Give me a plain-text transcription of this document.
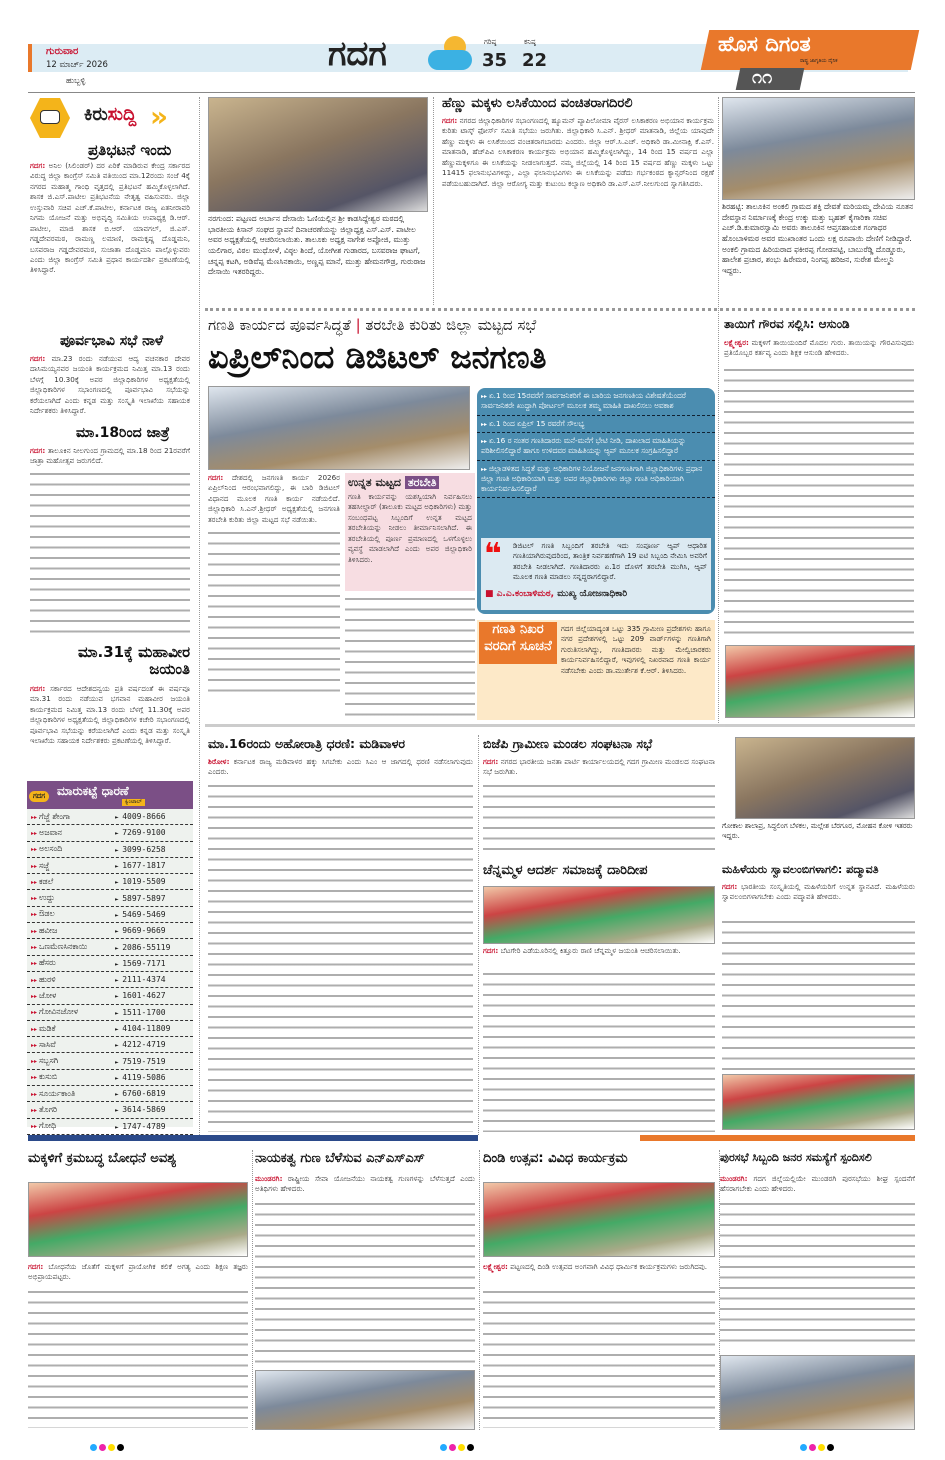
ಗುರುವಾರ
12 ಮಾರ್ಚ್ 2026
ಹುಬ್ಬಳ್ಳಿ
ಗದಗ	ಗರಿಷ್ಠ
35
ಕನಿಷ್ಠ
22
ಹೊಸ ದಿಗಂತ
ರಾಷ್ಟ್ರ ಜಾಗೃತಿಯ ದೈನಿಕ
೧೧
ಕಿರುಸುದ್ದಿ »
ಪ್ರತಿಭಟನೆ ಇಂದು
ಗದಗ: ಅನಿಲ (ಸಿಲಿಂಡರ್) ದರ ಏರಿಕೆ ಮಾಡಿರುವ ಕೇಂದ್ರ ಸರ್ಕಾರದ ವಿರುದ್ಧ ಜಿಲ್ಲಾ ಕಾಂಗ್ರೆಸ್ ಸಮಿತಿ ವತಿಯಿಂದ ಮಾ.12ರಂದು ಸಂಜೆ 4ಕ್ಕೆ ನಗರದ ಮಹಾತ್ಮ ಗಾಂಧಿ ವೃತ್ತದಲ್ಲಿ ಪ್ರತಿಭಟನೆ ಹಮ್ಮಿಕೊಳ್ಳಲಾಗಿದೆ. ಶಾಸಕ ಜಿ.ಎಸ್.ಪಾಟೀಲ ಪ್ರತಿಭಟನೆಯ ನೇತೃತ್ವ ವಹಿಸುವರು. ಜಿಲ್ಲಾ ಉಸ್ತುವಾರಿ ಸಚಿವ ಎಚ್.ಕೆ.ಪಾಟೀಲ, ಕರ್ನಾಟಕ ರಾಜ್ಯ ಏತನೀರಾವರಿ ನಿಗಮ ಯೋಜನೆ ಮತ್ತು ಅಭಿವೃದ್ಧಿ ಸಮಿತಿಯ ಉಪಾಧ್ಯಕ್ಷ ಡಿ.ಆರ್. ಪಾಟೀಲ, ಮಾಜಿ ಶಾಸಕ ಬಿ.ಆರ್. ಯಾವಗಲ್, ಜಿ.ಎಸ್. ಗಡ್ಡದೇವರಮಠ, ರಾಮಣ್ಣ ಲಮಾಣಿ, ರಾಮಕೃಷ್ಣ ದೊಡ್ಡಮನಿ, ಬಸವರಾಜ ಗಡ್ಡದೇವರಮಠ, ಸುಜಾತಾ ದೊಡ್ಡಮನಿ ಪಾಲ್ಗೊಳ್ಳುವರು ಎಂದು ಜಿಲ್ಲಾ ಕಾಂಗ್ರೆಸ್ ಸಮಿತಿ ಪ್ರಧಾನ ಕಾರ್ಯದರ್ಶಿ ಪ್ರಕಟಣೆಯಲ್ಲಿ ತಿಳಿಸಿದ್ದಾರೆ.
ಪೂರ್ವಭಾವಿ ಸಭೆ ನಾಳೆ
ಗದಗ: ಮಾ.23 ರಂದು ನಡೆಯುವ ಆದ್ಯ ವಚನಕಾರ ದೇವರ ದಾಸಿಮಯ್ಯನವರ ಜಯಂತಿ ಕಾರ್ಯಕ್ರಮದ ನಿಮಿತ್ತ ಮಾ.13 ರಂದು ಬೆಳಗ್ಗೆ 10.30ಕ್ಕೆ ಅಪರ ಜಿಲ್ಲಾಧಿಕಾರಿಗಳ ಅಧ್ಯಕ್ಷತೆಯಲ್ಲಿ ಜಿಲ್ಲಾಧಿಕಾರಿಗಳ ಸಭಾಂಗಣದಲ್ಲಿ ಪೂರ್ವಭಾವಿ ಸಭೆಯನ್ನು ಕರೆಯಲಾಗಿದೆ ಎಂದು ಕನ್ನಡ ಮತ್ತು ಸಂಸ್ಕೃತಿ ಇಲಾಖೆಯ ಸಹಾಯಕ ನಿರ್ದೇಶಕರು ತಿಳಿಸಿದ್ದಾರೆ.
ಮಾ.18ರಿಂದ ಜಾತ್ರೆ
ಗದಗ: ತಾಲೂಕಿನ ನೀಲಗುಂದ ಗ್ರಾಮದಲ್ಲಿ ಮಾ.18 ರಿಂದ 21ರವರೆಗೆ ಜಾತ್ರಾ ಮಹೋತ್ಸವ ಜರುಗಲಿದೆ.
ಮಾ.31ಕ್ಕೆ ಮಹಾವೀರ ಜಯಂತಿ
ಗದಗ: ಸರ್ಕಾರದ ಆದೇಶದನ್ವಯ ಪ್ರತಿ ವರ್ಷದಂತೆ ಈ ವರ್ಷವೂ ಮಾ.31 ರಂದು ನಡೆಯುವ ಭಗವಾನ ಮಹಾವೀರ ಜಯಂತಿ ಕಾರ್ಯಕ್ರಮದ ನಿಮಿತ್ತ ಮಾ.13 ರಂದು ಬೆಳಗ್ಗೆ 11.30ಕ್ಕೆ ಅಪರ ಜಿಲ್ಲಾಧಿಕಾರಿಗಳ ಅಧ್ಯಕ್ಷತೆಯಲ್ಲಿ ಜಿಲ್ಲಾಧಿಕಾರಿಗಳ ಕಚೇರಿ ಸಭಾಂಗಣದಲ್ಲಿ ಪೂರ್ವಭಾವಿ ಸಭೆಯನ್ನು ಕರೆಯಲಾಗಿದೆ ಎಂದು ಕನ್ನಡ ಮತ್ತು ಸಂಸ್ಕೃತಿ ಇಲಾಖೆಯ ಸಹಾಯಕ ನಿರ್ದೇಶಕರು ಪ್ರಕಟಣೆಯಲ್ಲಿ ತಿಳಿಸಿದ್ದಾರೆ.
ಗದಗ ಮಾರುಕಟ್ಟೆ ಧಾರಣೆ
ಕ್ವಿಂಟಾಲ್
▸▸ ಗೆಜ್ಜೆ ಶೇಂಗಾ	► 4009-8666
▸▸ ಅಜವಾನ	► 7269-9100
▸▸ ಅಲಸಂದಿ	► 3099-6258
▸▸ ಸಜ್ಜೆ	► 1677-1817
▸▸ ಕಡಲೆ	► 1019-5509
▸▸ ಉದ್ದು	► 5897-5897
▸▸ ಔಡಲ	► 5469-5469
▸▸ ಹವೀಜ	► 9669-9669
▸▸ ಒಣಮೆಣಸಿನಕಾಯಿ	► 2086-55119
▸▸ ಹೆಸರು	► 1569-7171
▸▸ ಹುರಳಿ	► 2111-4374
▸▸ ಜೋಳ	► 1601-4627
▸▸ ಗೋವಿನಜೋಳ	► 1511-1700
▸▸ ಮಡಿಕೆ	► 4104-11809
▸▸ ಸಾಸಿವೆ	► 4212-4719
▸▸ ಸಬ್ಬಸಗಿ	► 7519-7519
▸▸ ಕುಸುಬಿ	► 4119-5086
▸▸ ಸೂರ್ಯಕಾಂತಿ	► 6760-6819
▸▸ ತೊಗರಿ	► 3614-5869
▸▸ ಗೋಧಿ	► 1747-4789
ನರಗುಂದ: ಪಟ್ಟಣದ ಅರ್ಬಾನ ದೇಸಾಯಿ ಓಣಿಯಲ್ಲಿನ ಶ್ರೀ ಕಾಡಸಿದ್ದೇಶ್ವರ ಮಠದಲ್ಲಿ ಭಾರತೀಯ ಕಿಸಾನ್ ಸಂಘದ ಸ್ಥಾಪನೆ ದಿನಾಚರಣೆಯನ್ನು ಜಿಲ್ಲಾಧ್ಯಕ್ಷ ಎಸ್.ಎಸ್. ಪಾಟೀಲ ಅವರ ಅಧ್ಯಕ್ಷತೆಯಲ್ಲಿ ಆಚರಿಸಲಾಯಿತು. ತಾಲೂಕು ಅಧ್ಯಕ್ಷ ನಾಗೇಶ ಅಪ್ಪೋಜಿ, ಮುತ್ತು ಯಲಿಗಾರ, ವಿಠಲ ಮುಧೋಳೆ, ವಿಠ್ಠಲ ಶಿಂದೆ, ಯೋಗೀಶ ಗುಡಾರದ, ಬಸವರಾಜ ಘಾಟಗೆ, ಚನ್ನಪ್ಪ ಕಟಗಿ, ಅಡಿವೆಪ್ಪ ಮೆಣಸಿನಕಾಯಿ, ಅಣ್ಣಪ್ಪ ಮಾನೆ, ಮುತ್ತು ಹೇಮನಗೌಡ್ರ, ಗುರುರಾಜ ದೇಸಾಯಿ ಇತರರಿದ್ದರು.
ಹೆಣ್ಣು ಮಕ್ಕಳು ಲಸಿಕೆಯಿಂದ ವಂಚಿತರಾಗದಿರಲಿ
ಗದಗ: ನಗರದ ಜಿಲ್ಲಾಧಿಕಾರಿಗಳ ಸಭಾಂಗಣದಲ್ಲಿ ಹ್ಯೂಮನ್ ಪ್ಯಾಪಿಲೋಮಾ ವೈರಸ್ ಲಸಿಕಾಕರಣ ಅಭಿಯಾನ ಕಾರ್ಯಕ್ರಮ ಕುರಿತು ಟಾಸ್ಕ್ ಫೋರ್ಸ್ ಸಮಿತಿ ಸಭೆಯು ಜರುಗಿತು. ಜಿಲ್ಲಾಧಿಕಾರಿ ಸಿ.ಎನ್. ಶ್ರೀಧರ್ ಮಾತನಾಡಿ, ಜಿಲ್ಲೆಯ ಯಾವುದೇ ಹೆಣ್ಣು ಮಕ್ಕಳು ಈ ಲಸಿಕೆಯಿಂದ ವಂಚಿತರಾಗಬಾರದು ಎಂದರು. ಜಿಲ್ಲಾ ಆರ್.ಸಿ.ಎಚ್. ಅಧಿಕಾರಿ ಡಾ.ಮೀನಾಕ್ಷಿ ಕೆ.ಎಸ್. ಮಾತನಾಡಿ, ಹೆಚ್‌ಪಿವಿ ಲಸಿಕಾಕರಣ ಕಾರ್ಯಕ್ರಮ ಅಭಿಯಾನ ಹಮ್ಮಿಕೊಳ್ಳಲಾಗಿದ್ದು, 14 ರಿಂದ 15 ವರ್ಷದ ಎಲ್ಲಾ ಹೆಣ್ಣುಮಕ್ಕಳಿಗೂ ಈ ಲಸಿಕೆಯನ್ನು ನೀಡಲಾಗುತ್ತದೆ. ನಮ್ಮ ಜಿಲ್ಲೆಯಲ್ಲಿ 14 ರಿಂದ 15 ವರ್ಷದ ಹೆಣ್ಣು ಮಕ್ಕಳು ಒಟ್ಟು 11415 ಫಲಾನುಭವಿಗಳಿದ್ದು, ಎಲ್ಲಾ ಫಲಾನುಭವಿಗಳು ಈ ಲಸಿಕೆಯನ್ನು ಪಡೆದು ಗರ್ಭಕಂಠದ ಕ್ಯಾನ್ಸರ್‌ನಿಂದ ರಕ್ಷಣೆ ಪಡೆಯಬಹುದಾಗಿದೆ. ಜಿಲ್ಲಾ ಆರೋಗ್ಯ ಮತ್ತು ಕುಟುಂಬ ಕಲ್ಯಾಣ ಅಧಿಕಾರಿ ಡಾ.ಎಸ್.ಎಸ್.ನೀಲಗುಂದ ಸ್ವಾಗತಿಸಿದರು.
ಶಿರಹಟ್ಟಿ: ತಾಲೂಕಿನ ಅಂಕಲಿ ಗ್ರಾಮದ ಶಕ್ತಿ ದೇವತೆ ಮರಿಯಮ್ಮ ದೇವಿಯ ನೂತನ ದೇವಸ್ಥಾನ ನಿರ್ಮಾಣಕ್ಕೆ ಕೇಂದ್ರ ಉಕ್ಕು ಮತ್ತು ಬೃಹತ್ ಕೈಗಾರಿಕಾ ಸಚಿವ ಎಚ್.ಡಿ.ಕುಮಾರಸ್ವಾಮಿ ಅವರು ತಾಲೂಕಿನ ಆಪ್ತಸಹಾಯಕ ಗಂಗಾಧರ ಹೊಂಬಾಳಿಮಠ ಅವರ ಮುಖಾಂತರ ಒಂದು ಲಕ್ಷ ರೂಪಾಯಿ ದೇಣಿಗೆ ನೀಡಿದ್ದಾರೆ. ಅಂಕಲಿ ಗ್ರಾಮದ ಹಿರಿಯರಾದ ಫಕೀರಪ್ಪ ಗೋಡಪಟ್ಟಿ, ಬಾಬುರೆಡ್ಡಿ ದೊಡ್ಡೂರು, ಹಾಲೇಶ ಪ್ರಚಾರ, ಶಂಭು ಹಿರೇಮಠ, ನಿಂಗಪ್ಪ ಹರಿಜನ, ಸುರೇಶ ಮೇಲ್ಮನಿ ಇದ್ದರು.
ಗಣತಿ ಕಾರ್ಯದ ಪೂರ್ವಸಿದ್ಧತೆ | ತರಬೇತಿ ಕುರಿತು ಜಿಲ್ಲಾ ಮಟ್ಟದ ಸಭೆ
ಏಪ್ರಿಲ್‌ನಿಂದ ಡಿಜಿಟಲ್ ಜನಗಣತಿ
ಗದಗ: ದೇಶದಲ್ಲಿ ಜನಗಣತಿ ಕಾರ್ಯ 2026ರ ಏಪ್ರಿಲ್‌ನಿಂದ ಆರಂಭವಾಗಲಿದ್ದು, ಈ ಬಾರಿ ಡಿಜಿಟಲ್ ವಿಧಾನದ ಮೂಲಕ ಗಣತಿ ಕಾರ್ಯ ನಡೆಯಲಿದೆ. ಜಿಲ್ಲಾಧಿಕಾರಿ ಸಿ.ಎನ್.ಶ್ರೀಧರ್ ಅಧ್ಯಕ್ಷತೆಯಲ್ಲಿ ಜನಗಣತಿ ತರಬೇತಿ ಕುರಿತು ಜಿಲ್ಲಾ ಮಟ್ಟದ ಸಭೆ ನಡೆಯಿತು.
ಉನ್ನತ ಮಟ್ಟದ ತರಬೇತಿ
ಗಣತಿ ಕಾರ್ಯವನ್ನು ಯಶಸ್ವಿಯಾಗಿ ನಿರ್ವಹಿಸಲು ತಹಸೀಲ್ದಾರ್ (ತಾಲೂಕು ಮಟ್ಟದ ಅಧಿಕಾರಿಗಳು) ಮತ್ತು ಸಂಬಂಧಪಟ್ಟ ಸಿಬ್ಬಂದಿಗೆ ಉನ್ನತ ಮಟ್ಟದ ತರಬೇತಿಯನ್ನು ನೀಡಲು ತೀರ್ಮಾನಿಸಲಾಗಿದೆ. ಈ ತರಬೇತಿಯಲ್ಲಿ ಪೂರ್ಣ ಪ್ರಮಾಣದಲ್ಲಿ ಒಳಗೊಳ್ಳಲು ವ್ಯವಸ್ಥೆ ಮಾಡಲಾಗಿದೆ ಎಂದು ಅಪರ ಜಿಲ್ಲಾಧಿಕಾರಿ ತಿಳಿಸಿದರು.
▸▸ ಏ.1 ರಿಂದ 15ರವರೆಗೆ ಸಾರ್ವಜನಿಕರಿಗೆ ಈ ಬಾರಿಯ ಜನಗಣತಿಯ ವಿಶೇಷತೆಯೆಂದರೆ ಸಾರ್ವಜನಿಕರೇ ಖುದ್ದಾಗಿ ಪೋರ್ಟಲ್ ಮೂಲಕ ತಮ್ಮ ಮಾಹಿತಿ ದಾಖಲಿಸಲು ಅವಕಾಶ
▸▸ ಏ.1 ರಿಂದ ಏಪ್ರಿಲ್ 15 ರವರೆಗೆ ಸೌಲಭ್ಯ
▸▸ ಏ.16 ರ ನಂತರ ಗಣತಿದಾರರು ಮನೆ-ಮನೆಗೆ ಭೇಟಿ ನೀಡಿ, ದಾಖಲಾದ ಮಾಹಿತಿಯನ್ನು ಪರಿಶೀಲಿಸಲಿದ್ದಾರೆ ಹಾಗೂ ಉಳಿದವರ ಮಾಹಿತಿಯನ್ನು ಆ್ಯಪ್ ಮೂಲಕ ಸಂಗ್ರಹಿಸಲಿದ್ದಾರೆ
▸▸ ಜಿಲ್ಲಾಡಳಿತದ ಸಿದ್ಧತೆ ಮತ್ತು ಅಧಿಕಾರಿಗಳ ನಿಯೋಜನೆ ಜನಗಣತಿಗಾಗಿ ಜಿಲ್ಲಾಧಿಕಾರಿಗಳು ಪ್ರಧಾನ ಜಿಲ್ಲಾ ಗಣತಿ ಅಧಿಕಾರಿಯಾಗಿ ಮತ್ತು ಅಪರ ಜಿಲ್ಲಾಧಿಕಾರಿಗಳು ಜಿಲ್ಲಾ ಗಣತಿ ಅಧಿಕಾರಿಯಾಗಿ ಕಾರ್ಯನಿರ್ವಹಿಸಲಿದ್ದಾರೆ
❝	ಡಿಜಿಟಲ್ ಗಣತಿ ಸಿಬ್ಬಂದಿಗೆ ತರಬೇತಿ ಇದು ಸಂಪೂರ್ಣ ಆ್ಯಪ್ ಆಧಾರಿತ ಗಣತಿಯಾಗಿರುವುದರಿಂದ, ತಾಂತ್ರಿಕ ನಿರ್ವಹಣೆಗಾಗಿ 19 ಐಟಿ ಸಿಬ್ಬಂದಿ ನೇಮಿಸಿ ಅವರಿಗೆ ತರಬೇತಿ ನೀಡಲಾಗಿದೆ. ಗಣತಿದಾರರು ಏ.1ರ ದೊಳಗೆ ತರಬೇತಿ ಮುಗಿಸಿ, ಆ್ಯಪ್ ಮೂಲಕ ಗಣತಿ ಮಾಡಲು ಸನ್ನದ್ಧರಾಗಲಿದ್ದಾರೆ.
■ ಎ.ಎ.ಕಂಬಾಳಿಮಠ, ಮುಖ್ಯ ಯೋಜನಾಧಿಕಾರಿ
ಗಣತಿ ನಿಖರ ವರದಿಗೆ ಸೂಚನೆ
ಗದಗ ಜಿಲ್ಲೆಯಾದ್ಯಂತ ಒಟ್ಟು 335 ಗ್ರಾಮೀಣ ಪ್ರದೇಶಗಳು ಹಾಗೂ ನಗರ ಪ್ರದೇಶಗಳಲ್ಲಿ ಒಟ್ಟು 209 ವಾರ್ಡ್‌ಗಳನ್ನು ಗಣತಿಗಾಗಿ ಗುರುತಿಸಲಾಗಿದ್ದು, ಗಣತಿದಾರರು ಮತ್ತು ಮೇಲ್ವಿಚಾರಕರು ಕಾರ್ಯನಿರ್ವಹಿಸಲಿದ್ದಾರೆ, ಇವುಗಳಲ್ಲಿ ನಿಖರವಾದ ಗಣತಿ ಕಾರ್ಯ ನಡೆಸಬೇಕು ಎಂದು ಡಾ.ಮುರ್ತೇಶ ಕೆ.ಆರ್. ತಿಳಿಸಿದರು.
ತಾಯಿಗೆ ಗೌರವ ಸಲ್ಲಿಸಿ: ಆಸುಂಡಿ
ಲಕ್ಷ್ಮೇಶ್ವರ: ಮಕ್ಕಳಿಗೆ ತಾಯಿಯಂದಿರೆ ಮೊದಲ ಗುರು. ತಾಯಿಯನ್ನು ಗೌರವಿಸುವುದು ಪ್ರತಿಯೊಬ್ಬರ ಕರ್ತವ್ಯ ಎಂದು ಶಿಕ್ಷಕ ಆಸುಂಡಿ ಹೇಳಿದರು.
ಮಾ.16ರಂದು ಅಹೋರಾತ್ರಿ ಧರಣಿ: ಮಡಿವಾಳರ
ಶಿರೋಳ: ಕರ್ನಾಟಕ ರಾಜ್ಯ ಮಡಿವಾಳರ ಹಕ್ಕು ಸಿಗಬೇಕು ಎಂದು ಸಿಎಂ ಆ ಜಾಗದಲ್ಲಿ ಧರಣಿ ನಡೆಸಲಾಗುವುದು ಎಂದರು.
ಬಿಜೆಪಿ ಗ್ರಾಮೀಣ ಮಂಡಲ ಸಂಘಟನಾ ಸಭೆ
ಗದಗ: ನಗರದ ಭಾರತೀಯ ಜನತಾ ಪಾರ್ಟಿ ಕಾರ್ಯಾಲಯದಲ್ಲಿ ಗದಗ ಗ್ರಾಮೀಣ ಮಂಡಲದ ಸಂಘಟನಾ ಸಭೆ ಜರುಗಿತು.
ಚೆನ್ನಮ್ಮಳ ಆದರ್ಶ ಸಮಾಜಕ್ಕೆ ದಾರಿದೀಪ
ಗದಗ: ಬೆಟಗೇರಿ ಎಡೆಯೂರಿನಲ್ಲಿ ಕಿತ್ತೂರು ರಾಣಿ ಚೆನ್ನಮ್ಮಳ ಜಯಂತಿ ಆಚರಿಸಲಾಯಿತು.
ಗೋಕಾಲ ಶಾಲಾಪ್ರ, ಸಿದ್ಧಲಿಂಗ ಬೆಳಕಲ, ಮಲ್ಲೇಶ ಬೆರಗೂರ, ಮೋಹನ ಕೋಳಿ ಇತರರು ಇದ್ದರು.
ಮಹಿಳೆಯರು ಸ್ವಾವಲಂಬಿಗಳಾಗಲಿ: ಪದ್ಮಾವತಿ
ಗದಗ: ಭಾರತೀಯ ಸಂಸ್ಕೃತಿಯಲ್ಲಿ ಮಹಿಳೆಯರಿಗೆ ಉನ್ನತ ಸ್ಥಾನವಿದೆ. ಮಹಿಳೆಯರು ಸ್ವಾವಲಂಬಿಗಳಾಗಬೇಕು ಎಂದು ಪದ್ಮಾವತಿ ಹೇಳಿದರು.
ಮಕ್ಕಳಿಗೆ ಕ್ರಮಬದ್ಧ ಬೋಧನೆ ಅವಶ್ಯ
ಗದಗ: ಬೋಧನೆಯ ಜೊತೆಗೆ ಮಕ್ಕಳಿಗೆ ಪ್ರಾಯೋಗಿಕ ಕಲಿಕೆ ಅಗತ್ಯ ಎಂದು ಶಿಕ್ಷಣ ತಜ್ಞರು ಅಭಿಪ್ರಾಯಪಟ್ಟರು.
ನಾಯಕತ್ವ ಗುಣ ಬೆಳೆಸುವ ಎನ್‌ಎಸ್‌ಎಸ್
ಮುಂಡರಗಿ: ರಾಷ್ಟ್ರೀಯ ಸೇವಾ ಯೋಜನೆಯು ನಾಯಕತ್ವ ಗುಣಗಳನ್ನು ಬೆಳೆಸುತ್ತದೆ ಎಂದು ಅತಿಥಿಗಳು ಹೇಳಿದರು.
ದಿಂಡಿ ಉತ್ಸವ: ವಿವಿಧ ಕಾರ್ಯಕ್ರಮ
ಲಕ್ಷ್ಮೇಶ್ವರ: ಪಟ್ಟಣದಲ್ಲಿ ದಿಂಡಿ ಉತ್ಸವದ ಅಂಗವಾಗಿ ವಿವಿಧ ಧಾರ್ಮಿಕ ಕಾರ್ಯಕ್ರಮಗಳು ಜರುಗಿದವು.
ಪುರಸಭೆ ಸಿಬ್ಬಂದಿ ಜನರ ಸಮಸ್ಯೆಗೆ ಸ್ಪಂದಿಸಲಿ
ಮುಂಡರಗಿ: ಗದಗ ಜಿಲ್ಲೆಯಲ್ಲಿಯೇ ಮುಂಡರಗಿ ಪುರಸಭೆಯು ಶೀಘ್ರ ಸ್ಪಂದನೆಗೆ ಹೆಸರಾಗಬೇಕು ಎಂದು ಹೇಳಿದರು.
